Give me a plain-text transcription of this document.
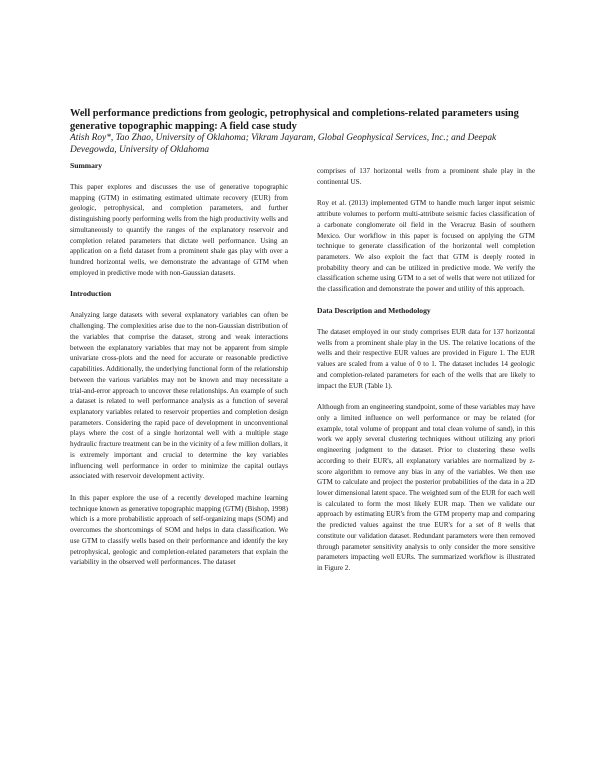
Well performance predictions from geologic, petrophysical and completions-related parameters using generative topographic mapping: A field case study
Atish Roy*, Tao Zhao, University of Oklahoma; Vikram Jayaram, Global Geophysical Services, Inc.; and Deepak Devegowda, University of Oklahoma
Summary

This paper explores and discusses the use of generative topographic mapping (GTM) in estimating estimated ultimate recovery (EUR) from geologic, petrophysical, and completion parameters, and further distinguishing poorly performing wells from the high productivity wells and simultaneously to quantify the ranges of the explanatory reservoir and completion related parameters that dictate well performance. Using an application on a field dataset from a prominent shale gas play with over a hundred horizontal wells, we demonstrate the advantage of GTM when employed in predictive mode with non-Gaussian datasets.

Introduction

Analyzing large datasets with several explanatory variables can often be challenging. The complexities arise due to the non-Gaussian distribution of the variables that comprise the dataset, strong and weak interactions between the explanatory variables that may not be apparent from simple univariate cross-plots and the need for accurate or reasonable predictive capabilities. Additionally, the underlying functional form of the relationship between the various variables may not be known and may necessitate a trial-and-error approach to uncover these relationships. An example of such a dataset is related to well performance analysis as a function of several explanatory variables related to reservoir properties and completion design parameters. Considering the rapid pace of development in unconventional plays where the cost of a single horizontal well with a multiple stage hydraulic fracture treatment can be in the vicinity of a few million dollars, it is extremely important and crucial to determine the key variables influencing well performance in order to minimize the capital outlays associated with reservoir development activity.

In this paper explore the use of a recently developed machine learning technique known as generative topographic mapping (GTM) (Bishop, 1998) which is a more probabilistic approach of self-organizing maps (SOM) and overcomes the shortcomings of SOM and helps in data classification. We use GTM to classify wells based on their performance and identify the key petrophysical, geologic and completion-related parameters that explain the variability in the observed well performances. The dataset

comprises of 137 horizontal wells from a prominent shale play in the continental US.

Roy et al. (2013) implemented GTM to handle much larger input seismic attribute volumes to perform multi-attribute seismic facies classification of a carbonate conglomerate oil field in the Veracruz Basin of southern Mexico. Our workflow in this paper is focused on applying the GTM technique to generate classification of the horizontal well completion parameters. We also exploit the fact that GTM is deeply rooted in probability theory and can be utilized in predictive mode. We verify the classification scheme using GTM to a set of wells that were not utilized for the classification and demonstrate the power and utility of this approach.

Data Description and Methodology

The dataset employed in our study comprises EUR data for 137 horizontal wells from a prominent shale play in the US. The relative locations of the wells and their respective EUR values are provided in Figure 1. The EUR values are scaled from a value of 0 to 1. The dataset includes 14 geologic and completion-related parameters for each of the wells that are likely to impact the EUR (Table 1).

Although from an engineering standpoint, some of these variables may have only a limited influence on well performance or may be related (for example, total volume of proppant and total clean volume of sand), in this work we apply several clustering techniques without utilizing any priori engineering judgment to the dataset. Prior to clustering these wells according to their EUR's, all explanatory variables are normalized by z-score algorithm to remove any bias in any of the variables. We then use GTM to calculate and project the posterior probabilities of the data in a 2D lower dimensional latent space. The weighted sum of the EUR for each well is calculated to form the most likely EUR map. Then we validate our approach by estimating EUR's from the GTM property map and comparing the predicted values against the true EUR's for a set of 8 wells that constitute our validation dataset. Redundant parameters were then removed through parameter sensitivity analysis to only consider the more sensitive parameters impacting well EURs. The summarized workflow is illustrated in Figure 2.
